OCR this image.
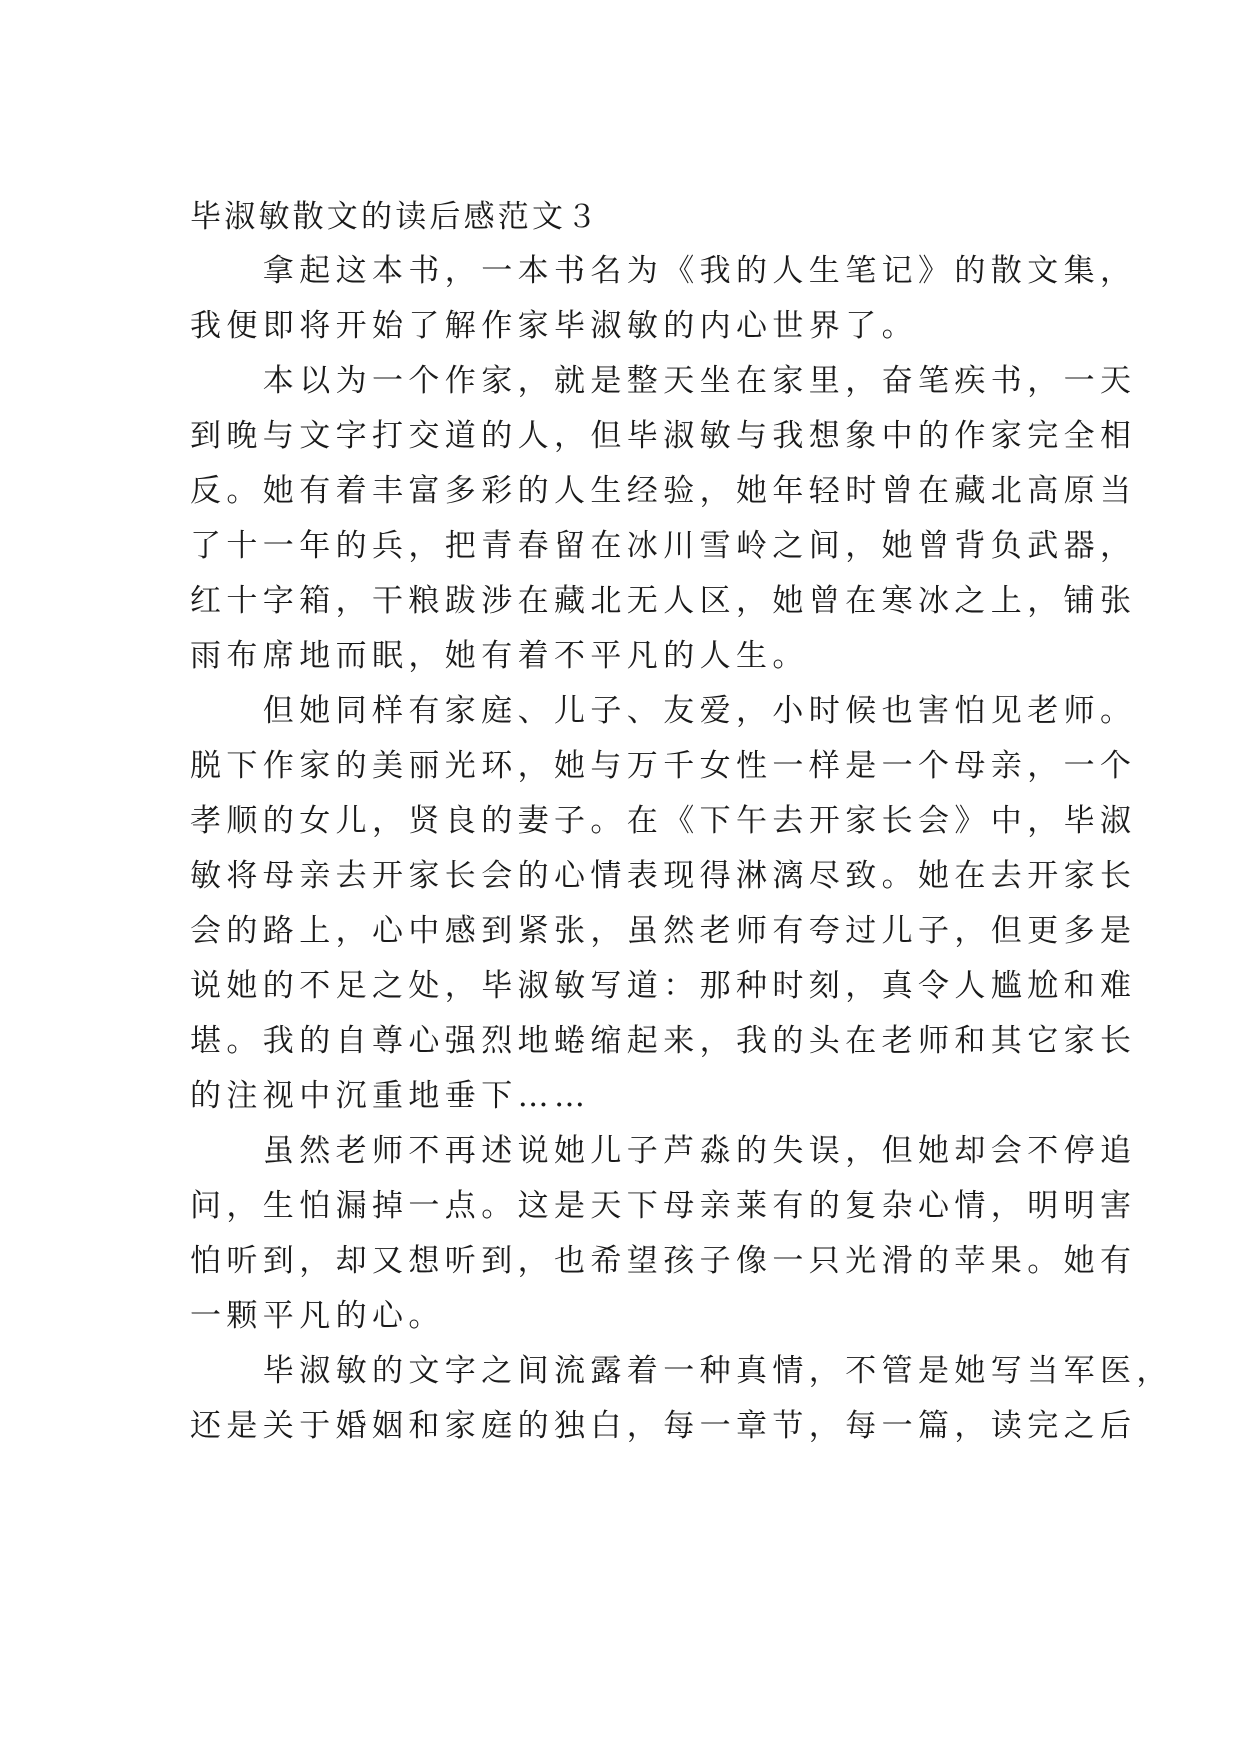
毕淑敏散文的读后感范文３
　　拿起这本书，一本书名为《我的人生笔记》的散文集，
我便即将开始了解作家毕淑敏的内心世界了。
　　本以为一个作家，就是整天坐在家里，奋笔疾书，一天
到晚与文字打交道的人，但毕淑敏与我想象中的作家完全相
反。她有着丰富多彩的人生经验，她年轻时曾在藏北高原当
了十一年的兵，把青春留在冰川雪岭之间，她曾背负武器，
红十字箱，干粮跋涉在藏北无人区，她曾在寒冰之上，铺张
雨布席地而眠，她有着不平凡的人生。
　　但她同样有家庭、儿子、友爱，小时候也害怕见老师。
脱下作家的美丽光环，她与万千女性一样是一个母亲，一个
孝顺的女儿，贤良的妻子。在《下午去开家长会》中，毕淑
敏将母亲去开家长会的心情表现得淋漓尽致。她在去开家长
会的路上，心中感到紧张，虽然老师有夸过儿子，但更多是
说她的不足之处，毕淑敏写道：那种时刻，真令人尴尬和难
堪。我的自尊心强烈地蜷缩起来，我的头在老师和其它家长
的注视中沉重地垂下……
　　虽然老师不再述说她儿子芦淼的失误，但她却会不停追
问，生怕漏掉一点。这是天下母亲莱有的复杂心情，明明害
怕听到，却又想听到，也希望孩子像一只光滑的苹果。她有
一颗平凡的心。
　　毕淑敏的文字之间流露着一种真情，不管是她写当军医，
还是关于婚姻和家庭的独白，每一章节，每一篇，读完之后
